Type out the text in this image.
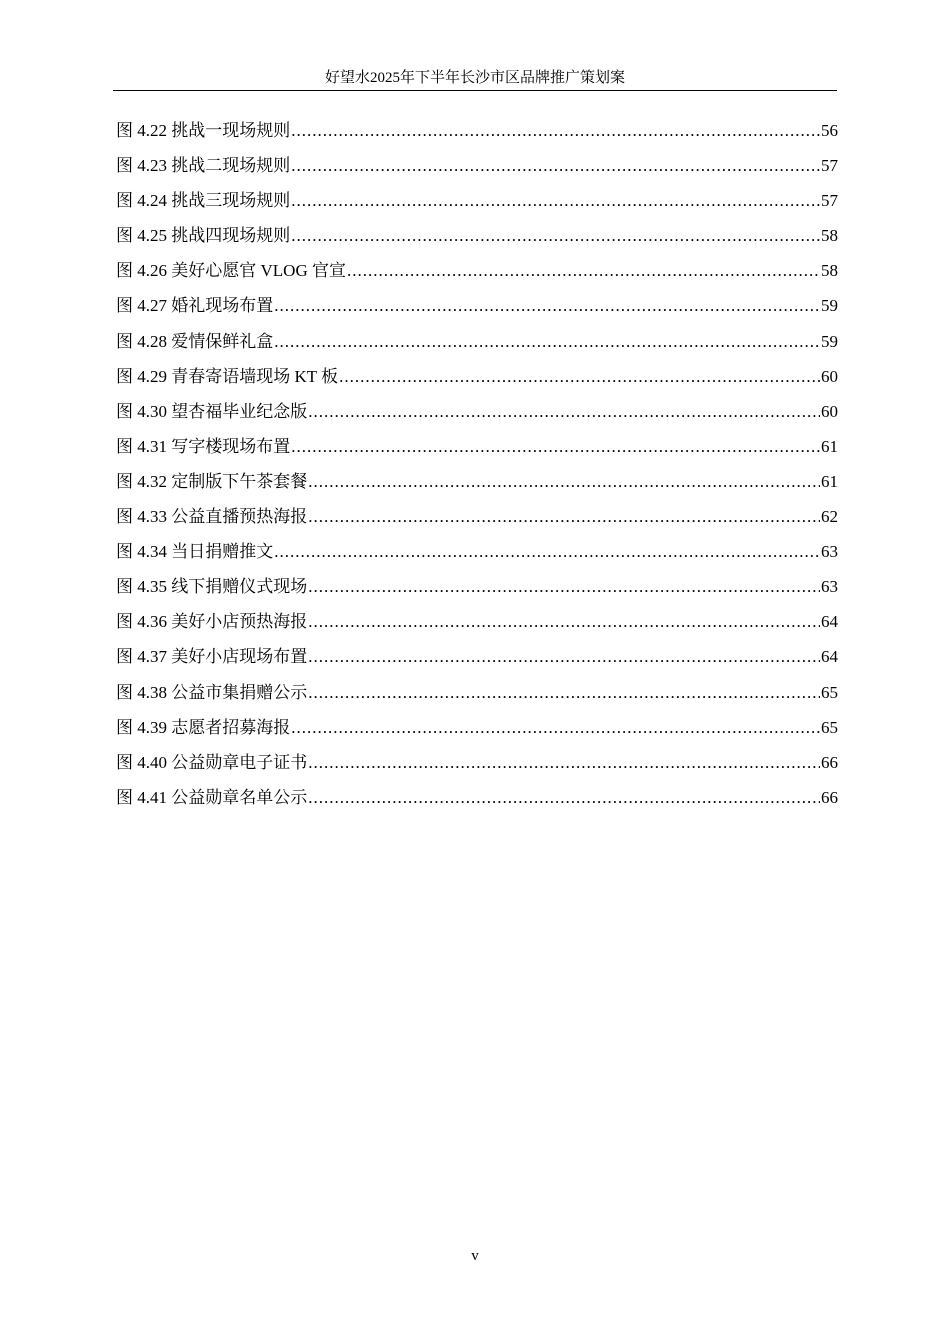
好望水2025年下半年长沙市区品牌推广策划案
图 4.22 挑战一现场规则 .....	56
图 4.23 挑战二现场规则 .....	57
图 4.24 挑战三现场规则 .....	57
图 4.25 挑战四现场规则 .....	58
图 4.26 美好心愿官 VLOG 官宣 .....	58
图 4.27 婚礼现场布置 .....	59
图 4.28 爱情保鲜礼盒 .....	59
图 4.29 青春寄语墙现场 KT 板 .....	60
图 4.30 望杏福毕业纪念版 .....	60
图 4.31 写字楼现场布置 .....	61
图 4.32 定制版下午茶套餐 .....	61
图 4.33 公益直播预热海报 .....	62
图 4.34 当日捐赠推文 .....	63
图 4.35 线下捐赠仪式现场 .....	63
图 4.36 美好小店预热海报 .....	64
图 4.37 美好小店现场布置 .....	64
图 4.38 公益市集捐赠公示 .....	65
图 4.39 志愿者招募海报 .....	65
图 4.40 公益勋章电子证书 .....	66
图 4.41 公益勋章名单公示 .....	66
v
